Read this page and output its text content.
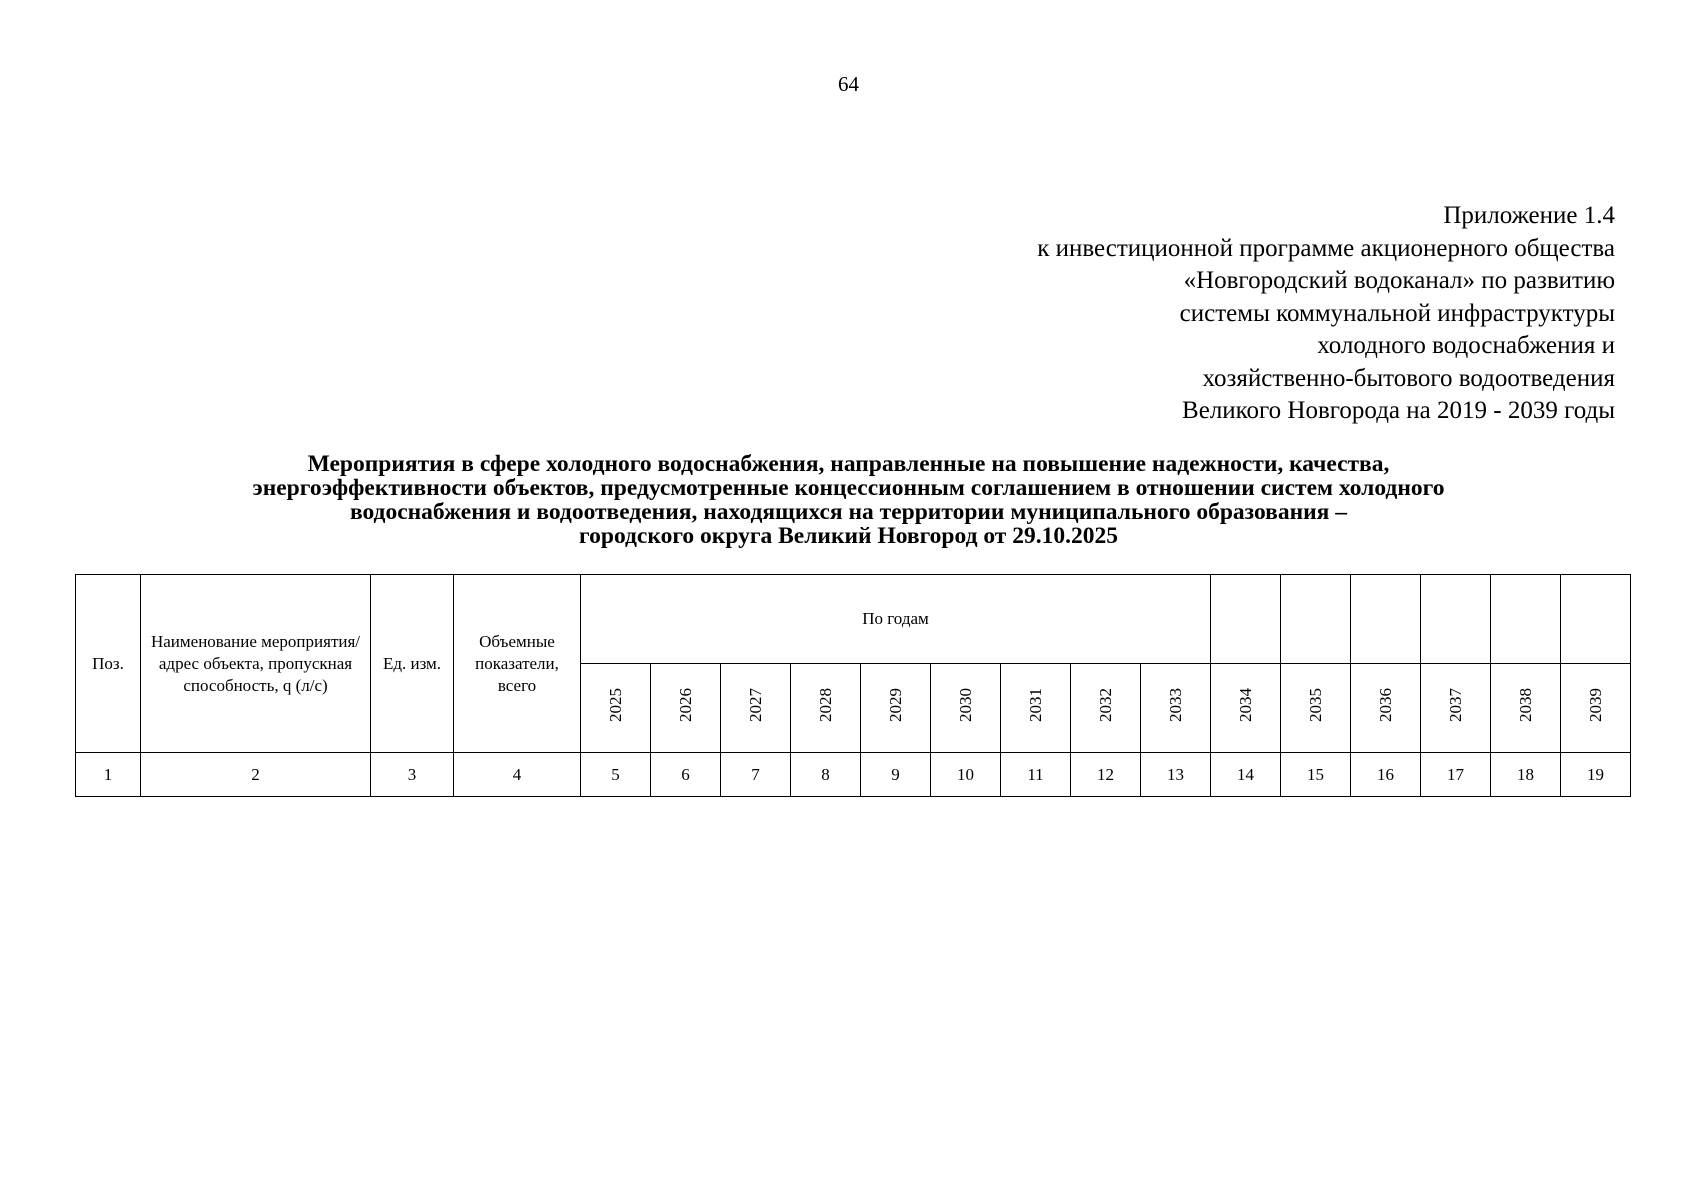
64
Приложение 1.4
к инвестиционной программе акционерного общества
«Новгородский водоканал» по развитию
системы коммунальной инфраструктуры
холодного водоснабжения и
хозяйственно-бытового водоотведения
Великого Новгорода на 2019 - 2039 годы
Мероприятия в сфере холодного водоснабжения, направленные на повышение надежности, качества,
энергоэффективности объектов, предусмотренные концессионным соглашением в отношении систем холодного
водоснабжения и водоотведения, находящихся на территории муниципального образования –
городского округа Великий Новгород от 29.10.2025
Поз.	Наименование мероприятия/адрес объекта, пропускная способность, q (л/с)	Ед. изм.	Объемные показатели, всего	По годам														
				2025	2026	2027	2028	2029	2030	2031	2032	2033	2034	2035	2036	2037	2038	2039
1	2	3	4	5	6	7	8	9	10	11	12	13	14	15	16	17	18	19
